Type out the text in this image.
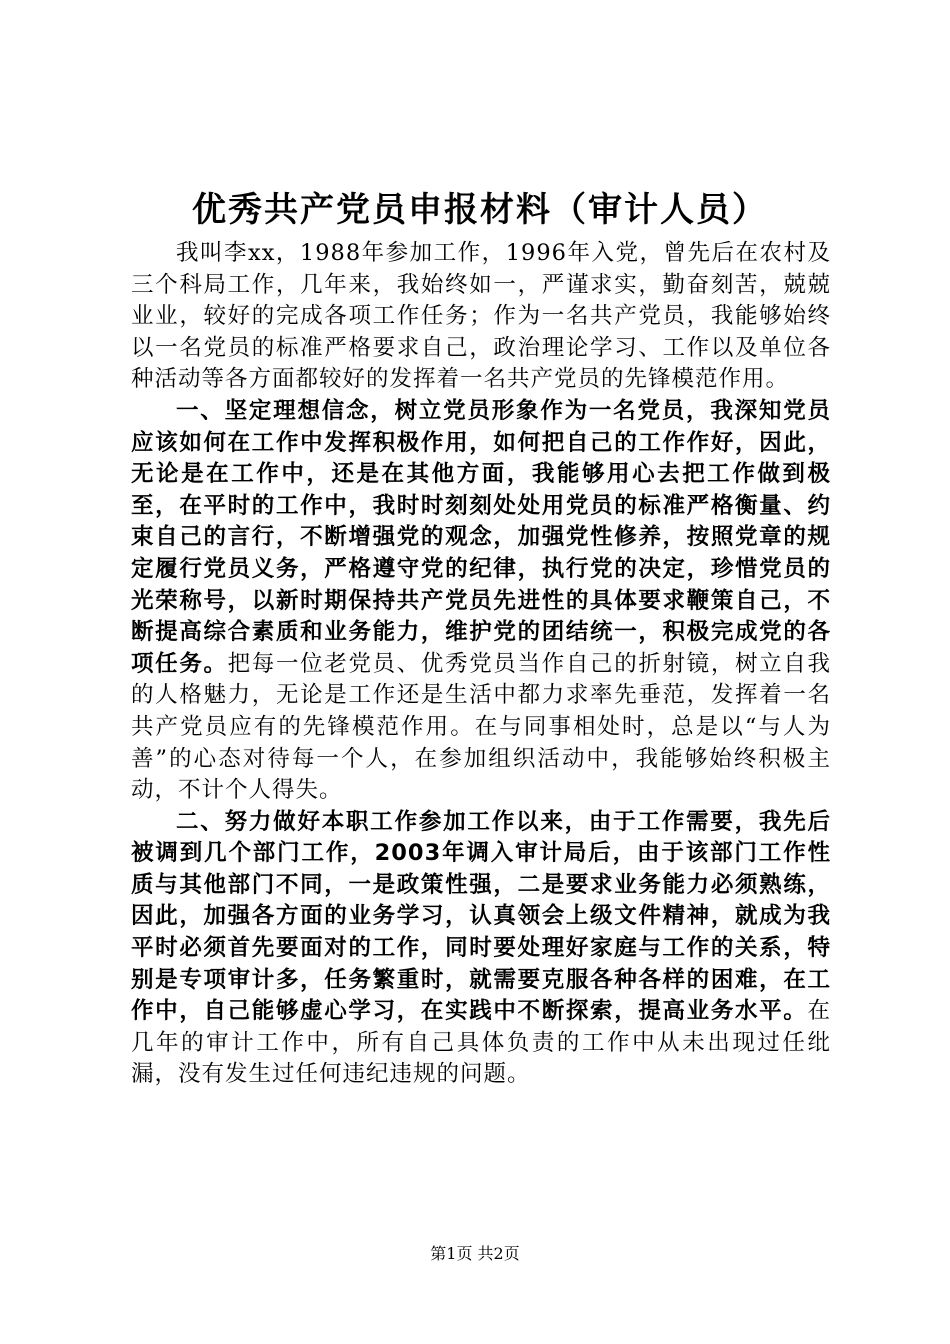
优秀共产党员申报材料（审计人员）

我叫李xx，1988年参加工作，1996年入党，曾先后在农村及三个科局工作，几年来，我始终如一，严谨求实，勤奋刻苦，兢兢业业，较好的完成各项工作任务；作为一名共产党员，我能够始终以一名党员的标准严格要求自己，政治理论学习、工作以及单位各种活动等各方面都较好的发挥着一名共产党员的先锋模范作用。

一、坚定理想信念，树立党员形象作为一名党员，我深知党员应该如何在工作中发挥积极作用，如何把自己的工作作好，因此，无论是在工作中，还是在其他方面，我能够用心去把工作做到极至，在平时的工作中，我时时刻刻处处用党员的标准严格衡量、约束自己的言行，不断增强党的观念，加强党性修养，按照党章的规定履行党员义务，严格遵守党的纪律，执行党的决定，珍惜党员的光荣称号，以新时期保持共产党员先进性的具体要求鞭策自己，不断提高综合素质和业务能力，维护党的团结统一，积极完成党的各项任务。把每一位老党员、优秀党员当作自己的折射镜，树立自我的人格魅力，无论是工作还是生活中都力求率先垂范，发挥着一名共产党员应有的先锋模范作用。在与同事相处时，总是以“与人为善”的心态对待每一个人，在参加组织活动中，我能够始终积极主动，不计个人得失。

二、努力做好本职工作参加工作以来，由于工作需要，我先后被调到几个部门工作，2003年调入审计局后，由于该部门工作性质与其他部门不同，一是政策性强，二是要求业务能力必须熟练，因此，加强各方面的业务学习，认真领会上级文件精神，就成为我平时必须首先要面对的工作，同时要处理好家庭与工作的关系，特别是专项审计多，任务繁重时，就需要克服各种各样的困难，在工作中，自己能够虚心学习，在实践中不断探索，提高业务水平。在几年的审计工作中，所有自己具体负责的工作中从未出现过任纰漏，没有发生过任何违纪违规的问题。

第1页 共2页
